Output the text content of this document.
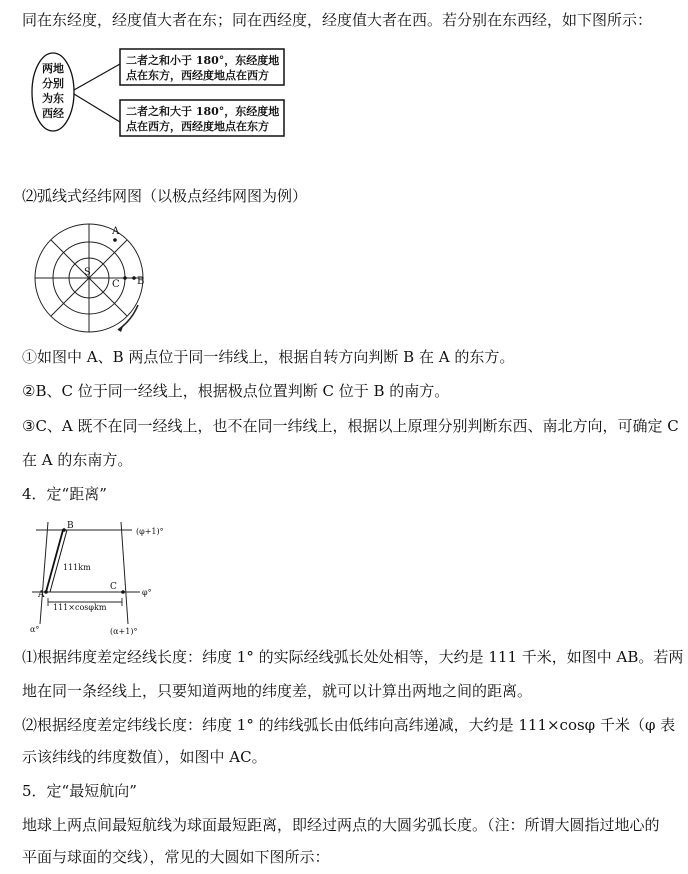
同在东经度，经度值大者在东；同在西经度，经度值大者在西。若分别在东西经，如下图所示：
两地
分别
为东
西经
二者之和小于 180°，东经度地
点在东方，西经度地点在西方
二者之和大于 180°，东经度地
点在西方，西经度地点在东方
⑵弧线式经纬网图（以极点经纬网图为例）
A
B
C
S
①如图中 A、B 两点位于同一纬线上，根据自转方向判断 B 在 A 的东方。
②B、C 位于同一经线上，根据极点位置判断 C 位于 B 的南方。
③C、A 既不在同一经线上，也不在同一纬线上，根据以上原理分别判断东西、南北方向，可确定 C
在 A 的东南方。
4．定“距离”
B
A
C
(φ+1)°
φ°
111km
111×cosφkm
α°	(α+1)°
⑴根据纬度差定经线长度：纬度 1° 的实际经线弧长处处相等，大约是 111 千米，如图中 AB。若两
地在同一条经线上，只要知道两地的纬度差，就可以计算出两地之间的距离。
⑵根据经度差定纬线长度：纬度 1° 的纬线弧长由低纬向高纬递减，大约是 111×cosφ 千米（φ 表
示该纬线的纬度数值），如图中 AC。
5．定“最短航向”
地球上两点间最短航线为球面最短距离，即经过两点的大圆劣弧长度。（注：所谓大圆指过地心的
平面与球面的交线），常见的大圆如下图所示：
